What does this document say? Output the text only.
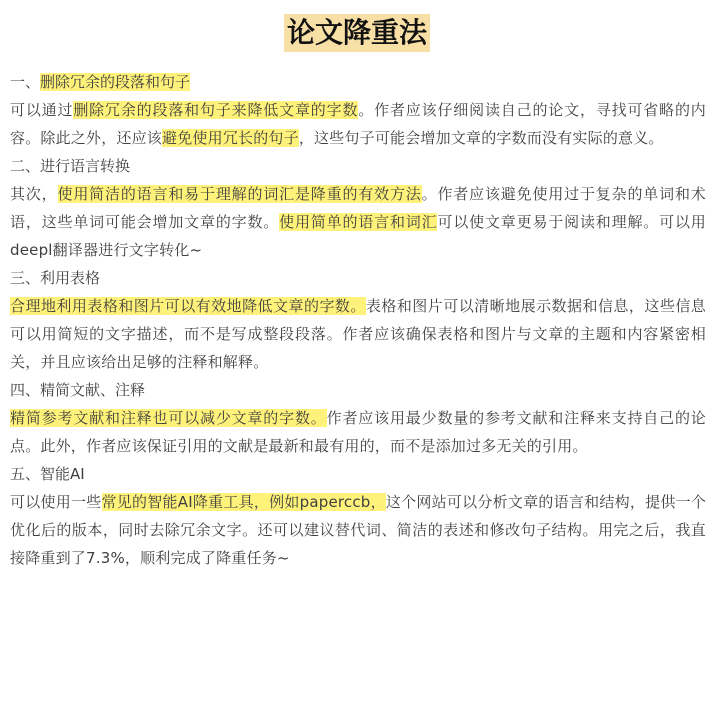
论文降重法
一、删除冗余的段落和句子
可以通过删除冗余的段落和句子来降低文章的字数。作者应该仔细阅读自己的论文，寻找可省略的内容。除此之外，还应该避免使用冗长的句子，这些句子可能会增加文章的字数而没有实际的意义。
二、进行语言转换
其次，使用简洁的语言和易于理解的词汇是降重的有效方法。作者应该避免使用过于复杂的单词和术语，这些单词可能会增加文章的字数。使用简单的语言和词汇可以使文章更易于阅读和理解。可以用deepl翻译器进行文字转化~
三、利用表格
合理地利用表格和图片可以有效地降低文章的字数。表格和图片可以清晰地展示数据和信息，这些信息可以用简短的文字描述，而不是写成整段段落。作者应该确保表格和图片与文章的主题和内容紧密相关，并且应该给出足够的注释和解释。
四、精简文献、注释
精简参考文献和注释也可以减少文章的字数。作者应该用最少数量的参考文献和注释来支持自己的论点。此外，作者应该保证引用的文献是最新和最有用的，而不是添加过多无关的引用。
五、智能AI
可以使用一些常见的智能AI降重工具，例如paperccb，这个网站可以分析文章的语言和结构，提供一个优化后的版本，同时去除冗余文字。还可以建议替代词、简洁的表述和修改句子结构。用完之后，我直接降重到了7.3%，顺利完成了降重任务~
